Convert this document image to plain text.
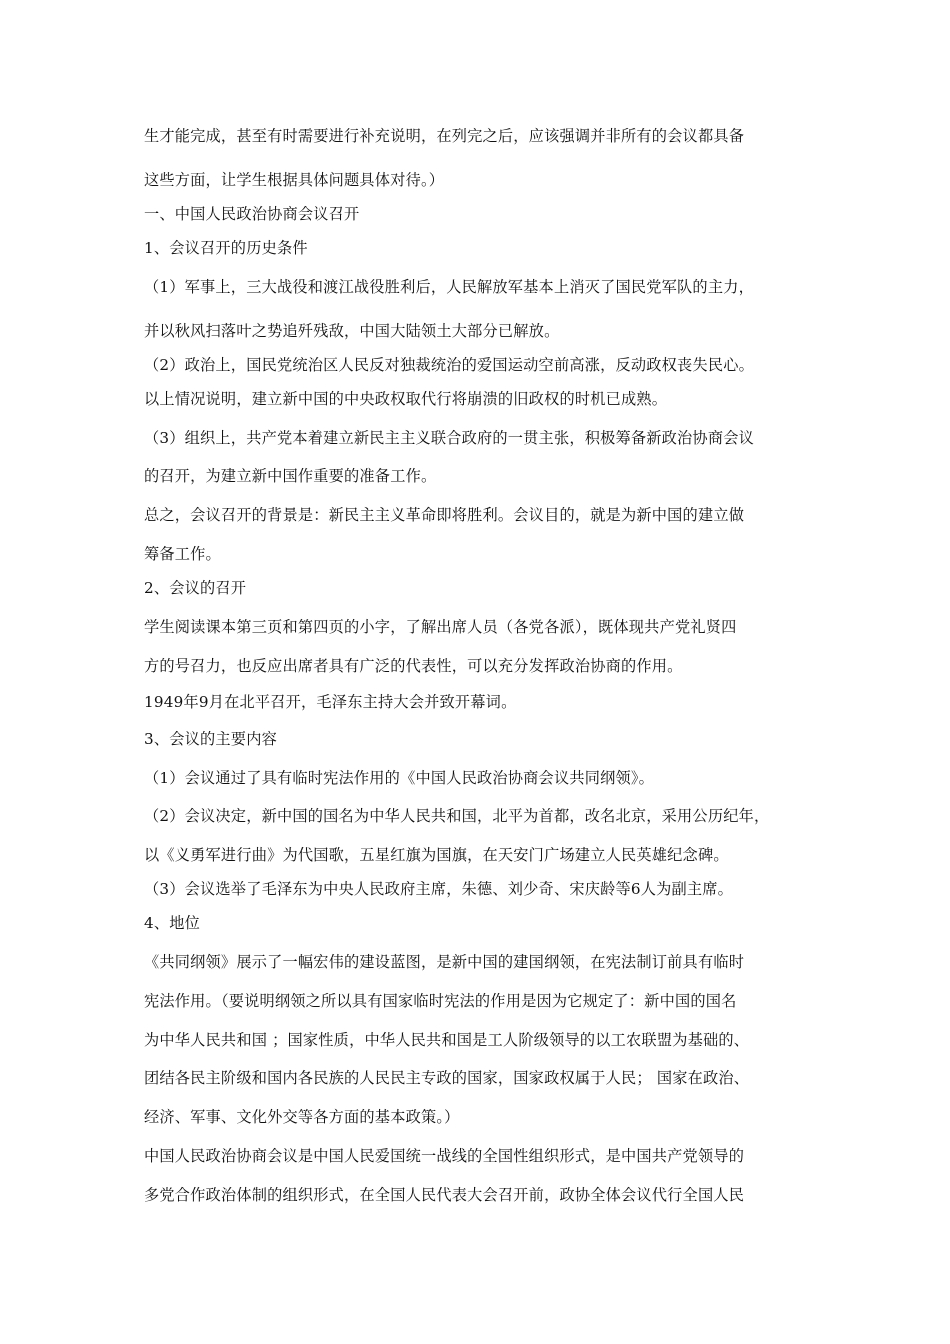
生才能完成，甚至有时需要进行补充说明，在列完之后，应该强调并非所有的会议都具备
这些方面，让学生根据具体问题具体对待。）
一、中国人民政治协商会议召开
1、会议召开的历史条件
（1）军事上，三大战役和渡江战役胜利后，人民解放军基本上消灭了国民党军队的主力，
并以秋风扫落叶之势追歼残敌，中国大陆领土大部分已解放。
（2）政治上，国民党统治区人民反对独裁统治的爱国运动空前高涨，反动政权丧失民心。
以上情况说明，建立新中国的中央政权取代行将崩溃的旧政权的时机已成熟。
（3）组织上，共产党本着建立新民主主义联合政府的一贯主张，积极筹备新政治协商会议
的召开，为建立新中国作重要的准备工作。
总之，会议召开的背景是：新民主主义革命即将胜利。会议目的，就是为新中国的建立做
筹备工作。
2、会议的召开
学生阅读课本第三页和第四页的小字，了解出席人员（各党各派），既体现共产党礼贤四
方的号召力，也反应出席者具有广泛的代表性，可以充分发挥政治协商的作用。
1949年9月在北平召开，毛泽东主持大会并致开幕词。
3、会议的主要内容
（1）会议通过了具有临时宪法作用的《中国人民政治协商会议共同纲领》。
（2）会议决定，新中国的国名为中华人民共和国，北平为首都，改名北京，采用公历纪年，
以《义勇军进行曲》为代国歌，五星红旗为国旗，在天安门广场建立人民英雄纪念碑。
（3）会议选举了毛泽东为中央人民政府主席，朱德、刘少奇、宋庆龄等6人为副主席。
4、地位
《共同纲领》展示了一幅宏伟的建设蓝图，是新中国的建国纲领，在宪法制订前具有临时
宪法作用。（要说明纲领之所以具有国家临时宪法的作用是因为它规定了：新中国的国名
为中华人民共和国 ；国家性质，中华人民共和国是工人阶级领导的以工农联盟为基础的、
团结各民主阶级和国内各民族的人民民主专政的国家，国家政权属于人民； 国家在政治、
经济、军事、文化外交等各方面的基本政策。）
中国人民政治协商会议是中国人民爱国统一战线的全国性组织形式，是中国共产党领导的
多党合作政治体制的组织形式，在全国人民代表大会召开前，政协全体会议代行全国人民
